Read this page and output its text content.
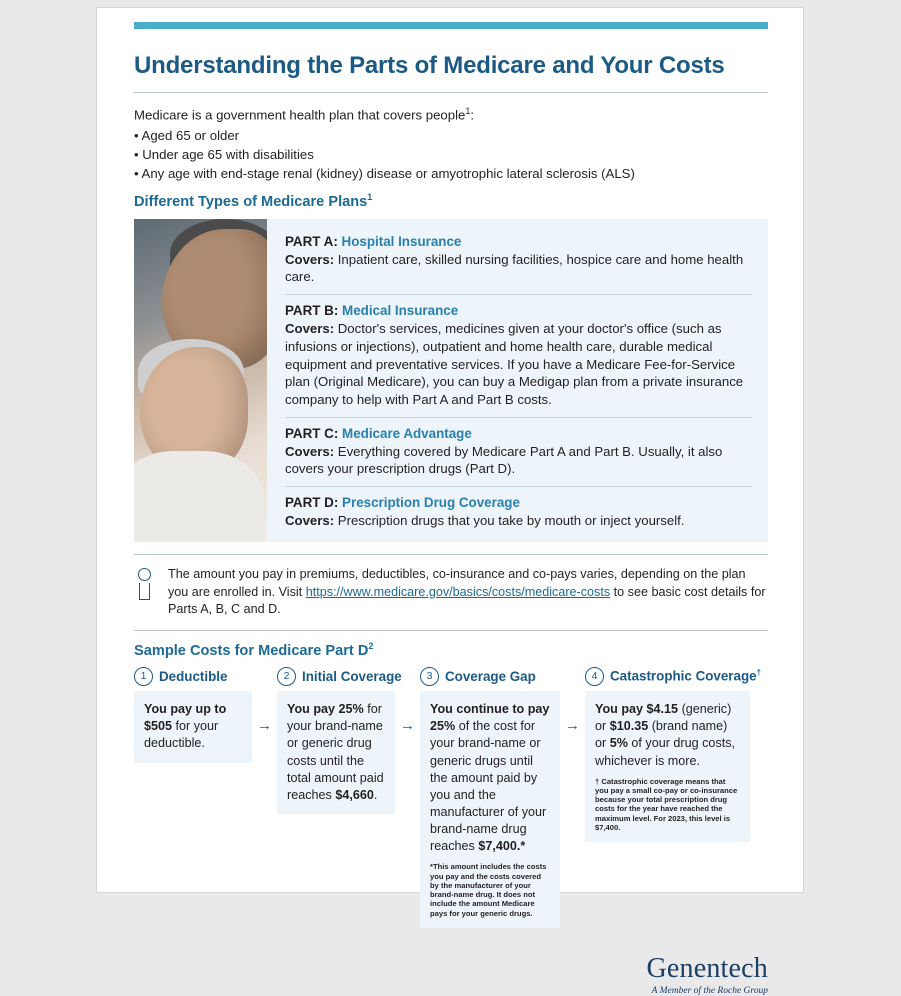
Understanding the Parts of Medicare and Your Costs
Medicare is a government health plan that covers people$^1$:
• Aged 65 or older
• Under age 65 with disabilities
• Any age with end-stage renal (kidney) disease or amyotrophic lateral sclerosis (ALS)
Different Types of Medicare Plans$^1$
PART A: Hospital Insurance
Covers: Inpatient care, skilled nursing facilities, hospice care and home health care.
PART B: Medical Insurance
Covers: Doctor's services, medicines given at your doctor's office (such as infusions or injections), outpatient and home health care, durable medical equipment and preventative services. If you have a Medicare Fee-for-Service plan (Original Medicare), you can buy a Medigap plan from a private insurance company to help with Part A and Part B costs.
PART C: Medicare Advantage
Covers: Everything covered by Medicare Part A and Part B. Usually, it also covers your prescription drugs (Part D).
PART D: Prescription Drug Coverage
Covers: Prescription drugs that you take by mouth or inject yourself.
The amount you pay in premiums, deductibles, co-insurance and co-pays varies, depending on the plan you are enrolled in. Visit https://www.medicare.gov/basics/costs/medicare-costs to see basic cost details for Parts A, B, C and D.
Sample Costs for Medicare Part $D^2$
1 Deductible
You pay up to $505 for your deductible.
→
2 Initial Coverage
You pay 25% for your brand-name or generic drug costs until the total amount paid reaches $4,660.
→
3 Coverage Gap
You continue to pay 25% of the cost for your brand-name or generic drugs until the amount paid by you and the manufacturer of your brand-name drug reaches $7,400.*
*This amount includes the costs you pay and the costs covered by the manufacturer of your brand-name drug. It does not include the amount Medicare pays for your generic drugs.
→
4 Catastrophic Coverage†
You pay $4.15 (generic) or $10.35 (brand name) or 5% of your drug costs, whichever is more.
† Catastrophic coverage means that you pay a small co-pay or co-insurance because your total prescription drug costs for the year have reached the maximum level. For 2023, this level is $7,400.
Genentech
A Member of the Roche Group
